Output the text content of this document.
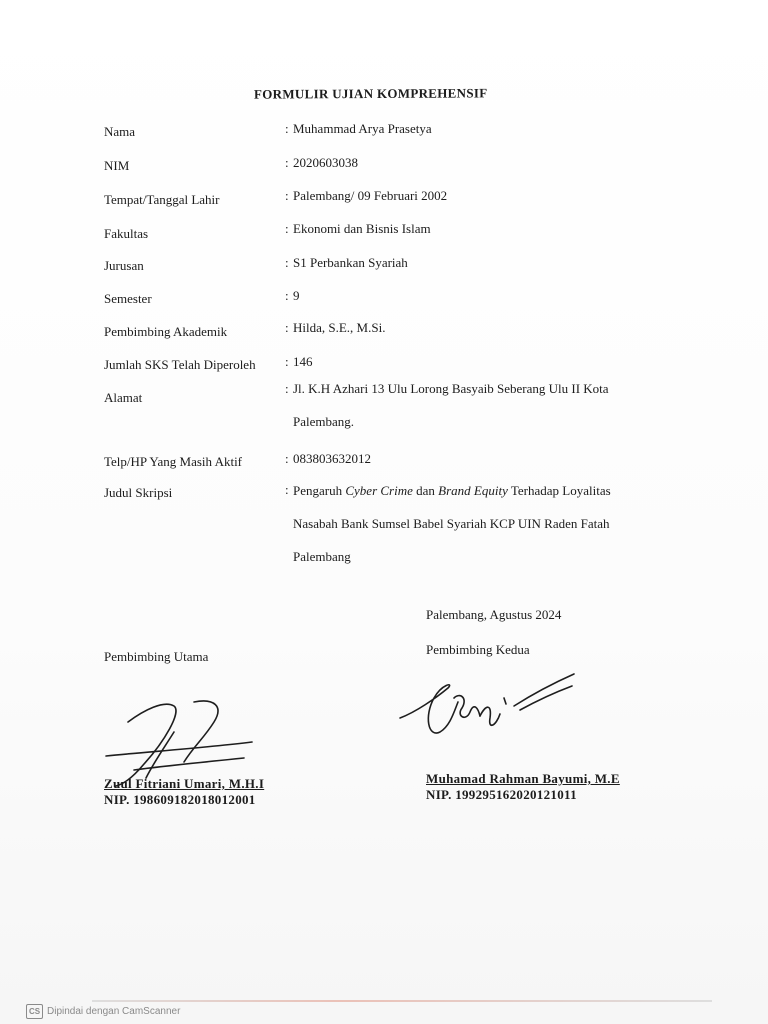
FORMULIR UJIAN KOMPREHENSIF
Nama	: Muhammad Arya Prasetya
NIM	: 2020603038
Tempat/Tanggal Lahir	: Palembang/ 09 Februari 2002
Fakultas	: Ekonomi dan Bisnis Islam
Jurusan	: S1 Perbankan Syariah
Semester	: 9
Pembimbing Akademik	: Hilda, S.E., M.Si.
Jumlah SKS Telah Diperoleh : 146
Alamat
: Jl. K.H Azhari 13 Ulu Lorong Basyaib Seberang Ulu II Kota
Palembang.
Telp/HP Yang Masih Aktif	: 083803632012
Judul Skripsi	: Pengaruh Cyber Crime dan Brand Equity Terhadap Loyalitas
Nasabah Bank Sumsel Babel Syariah KCP UIN Raden Fatah
Palembang
Palembang, Agustus 2024
Pembimbing Utama	Pembimbing Kedua
Zuul Fitriani Umari, M.H.I
NIP. 198609182018012001
Muhamad Rahman Bayumi, M.E
NIP. 199295162020121011
CS Dipindai dengan CamScanner
